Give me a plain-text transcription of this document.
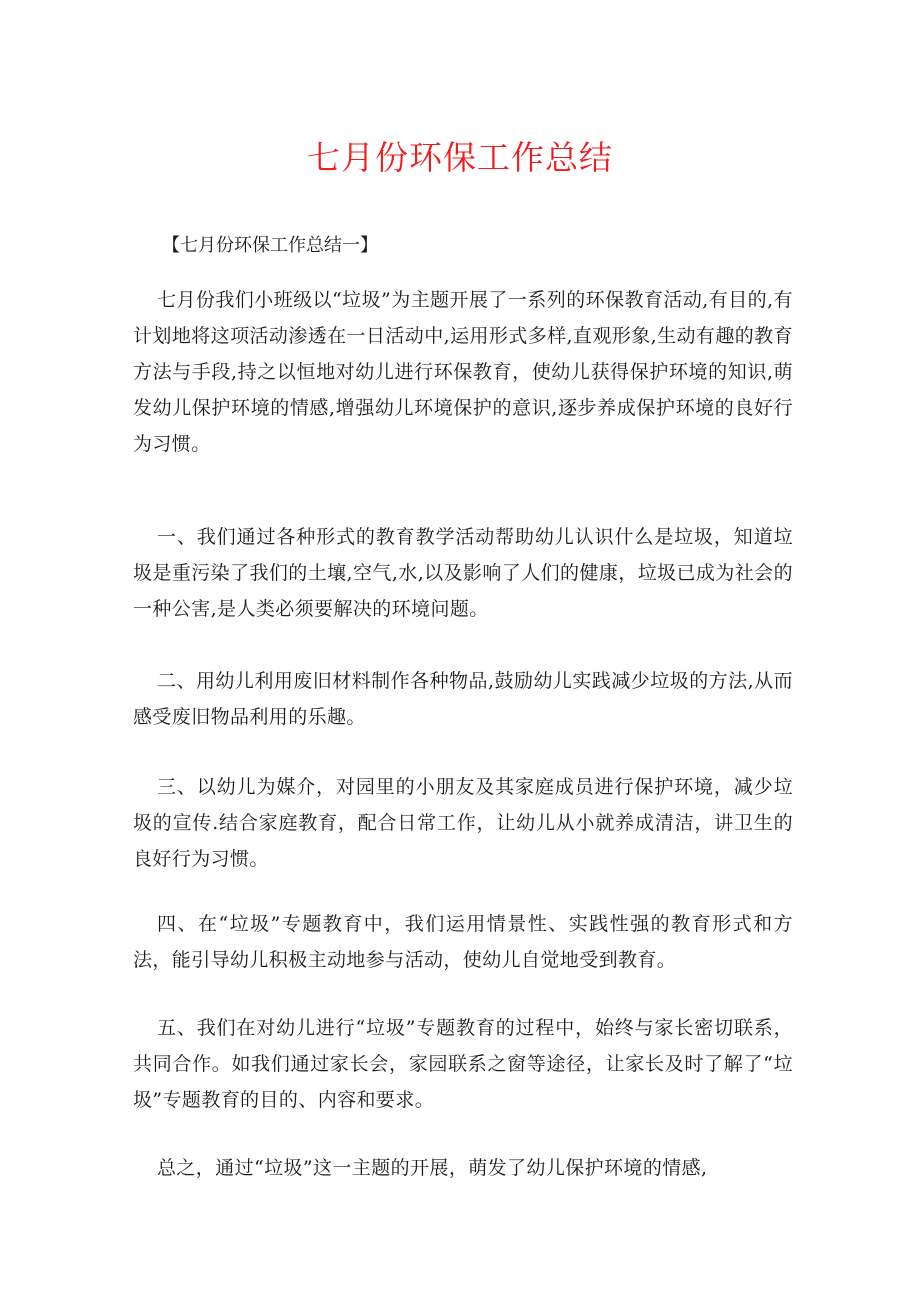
七月份环保工作总结

【七月份环保工作总结一】

七月份我们小班级以“垃圾”为主题开展了一系列的环保教育活动,有目的,有计划地将这项活动渗透在一日活动中,运用形式多样,直观形象,生动有趣的教育方法与手段,持之以恒地对幼儿进行环保教育，使幼儿获得保护环境的知识,萌发幼儿保护环境的情感,增强幼儿环境保护的意识,逐步养成保护环境的良好行为习惯。

一、我们通过各种形式的教育教学活动帮助幼儿认识什么是垃圾，知道垃圾是重污染了我们的土壤,空气,水,以及影响了人们的健康，垃圾已成为社会的一种公害,是人类必须要解决的环境问题。

二、用幼儿利用废旧材料制作各种物品,鼓励幼儿实践减少垃圾的方法,从而感受废旧物品利用的乐趣。

三、以幼儿为媒介，对园里的小朋友及其家庭成员进行保护环境，减少垃圾的宣传.结合家庭教育，配合日常工作，让幼儿从小就养成清洁，讲卫生的良好行为习惯。

四、在“垃圾”专题教育中，我们运用情景性、实践性强的教育形式和方法，能引导幼儿积极主动地参与活动，使幼儿自觉地受到教育。

五、我们在对幼儿进行“垃圾”专题教育的过程中，始终与家长密切联系，共同合作。如我们通过家长会，家园联系之窗等途径，让家长及时了解了“垃圾”专题教育的目的、内容和要求。

总之，通过“垃圾”这一主题的开展，萌发了幼儿保护环境的情感,
